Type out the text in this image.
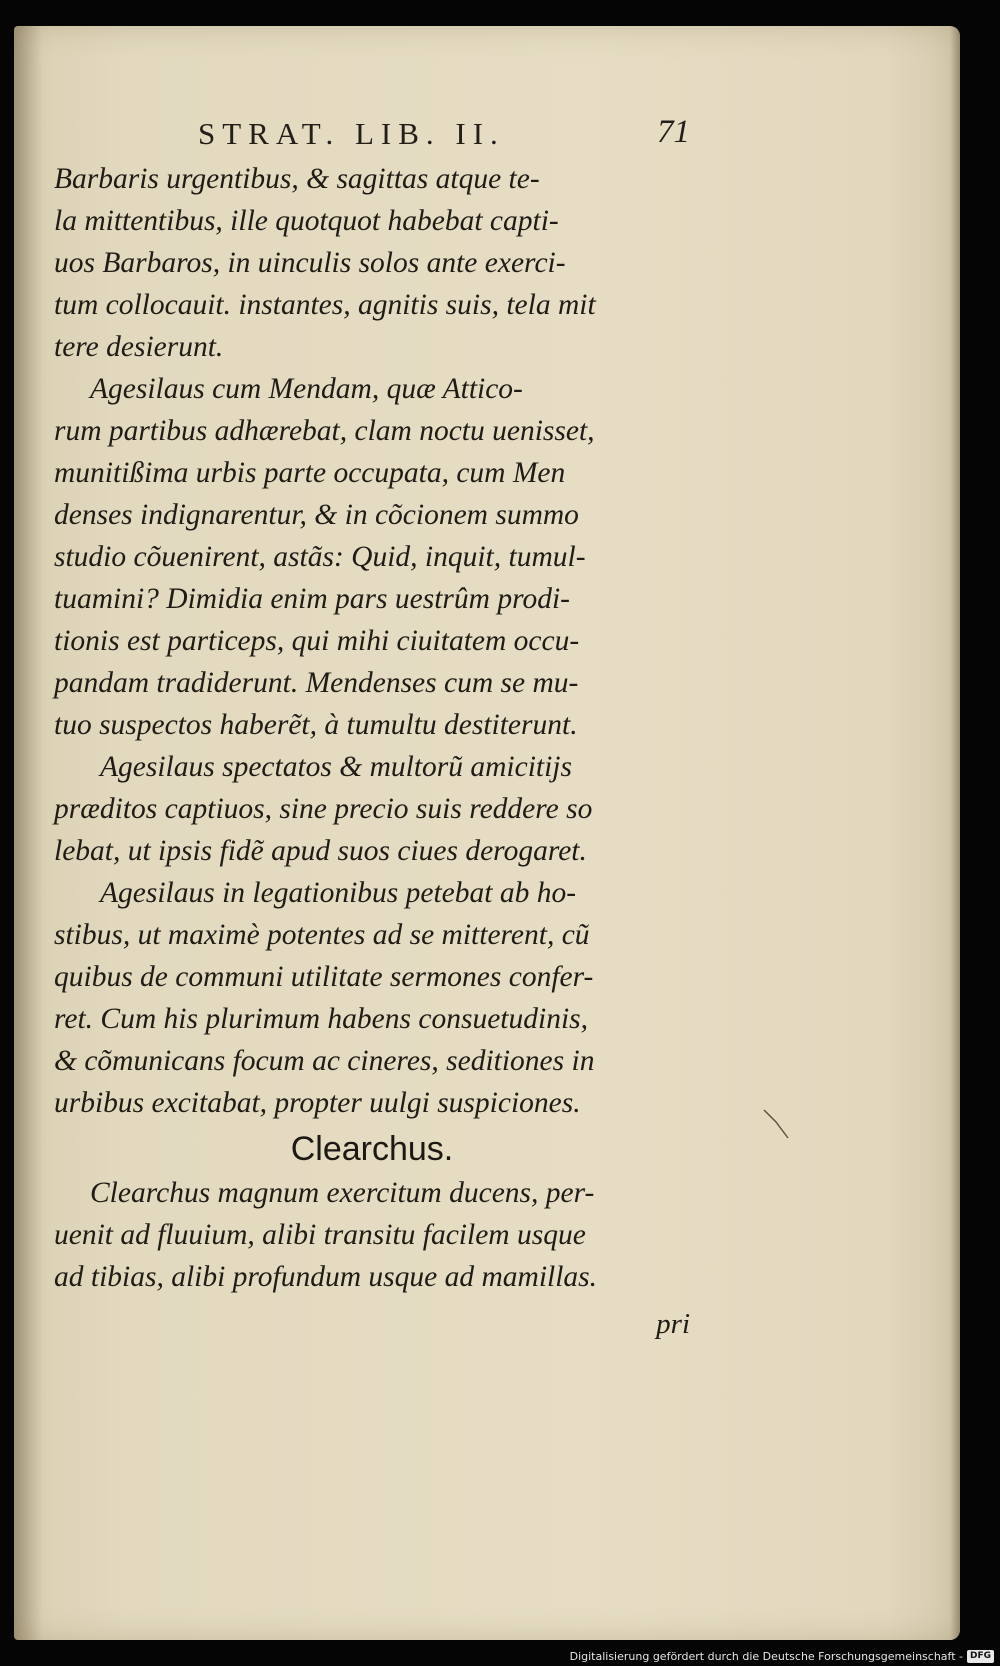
STRAT. LIB. II.	71
Barbaris urgentibus, & sagittas atque te-
la mittentibus, ille quotquot habebat capti-
uos Barbaros, in uinculis solos ante exerci-
tum collocauit. instantes, agnitis suis, tela mit
tere desierunt.
Agesilaus cum Mendam, quæ Attico-
rum partibus adhærebat, clam noctu uenisset,
munitißima urbis parte occupata, cum Men
denses indignarentur, & in cõcionem summo
studio cõuenirent, astãs: Quid, inquit, tumul-
tuamini? Dimidia enim pars uestrûm prodi-
tionis est particeps, qui mihi ciuitatem occu-
pandam tradiderunt. Mendenses cum se mu-
tuo suspectos haberẽt, à tumultu destiterunt.
Agesilaus spectatos & multorũ amicitijs
præditos captiuos, sine precio suis reddere so
lebat, ut ipsis fidẽ apud suos ciues derogaret.
Agesilaus in legationibus petebat ab ho-
stibus, ut maximè potentes ad se mitterent, cũ
quibus de communi utilitate sermones confer-
ret. Cum his plurimum habens consuetudinis,
& cõmunicans focum ac cineres, seditiones in
urbibus excitabat, propter uulgi suspiciones.
Clearchus.
Clearchus magnum exercitum ducens, per-
uenit ad fluuium, alibi transitu facilem usque
ad tibias, alibi profundum usque ad mamillas.
pri
Digitalisierung gefördert durch die Deutsche Forschungsgemeinschaft - DFG
